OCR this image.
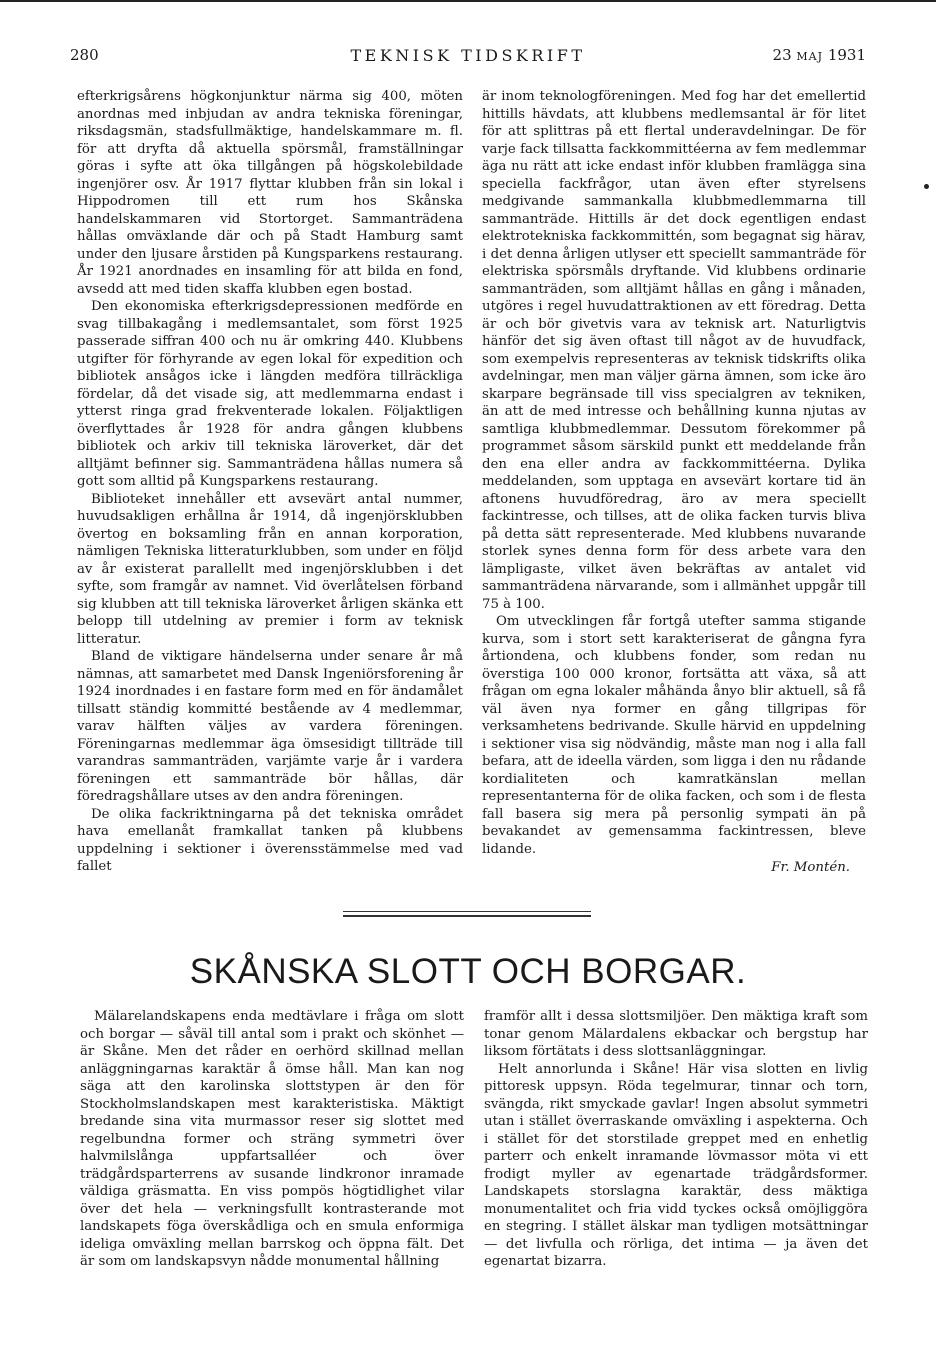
280	TEKNISK TIDSKRIFT	23 MAJ 1931

efterkrigsårens högkonjunktur närma sig 400, möten anordnas med inbjudan av andra tekniska föreningar, riksdagsmän, stadsfullmäktige, handelskammare m. fl. för att dryfta då aktuella spörsmål, framställningar göras i syfte att öka tillgången på högskolebildade ingenjörer osv. År 1917 flyttar klubben från sin lokal i Hippodromen till ett rum hos Skånska handelskammaren vid Stortorget. Sammanträdena hållas omväxlande där och på Stadt Hamburg samt under den ljusare årstiden på Kungsparkens restaurang. År 1921 anordnades en insamling för att bilda en fond, avsedd att med tiden skaffa klubben egen bostad.

Den ekonomiska efterkrigsdepressionen medförde en svag tillbakagång i medlemsantalet, som först 1925 passerade siffran 400 och nu är omkring 440. Klubbens utgifter för förhyrande av egen lokal för expedition och bibliotek ansågos icke i längden medföra tillräckliga fördelar, då det visade sig, att medlemmarna endast i ytterst ringa grad frekventerade lokalen. Följaktligen överflyttades år 1928 för andra gången klubbens bibliotek och arkiv till tekniska läroverket, där det alltjämt befinner sig. Sammanträdena hållas numera så gott som alltid på Kungsparkens restaurang.

Biblioteket innehåller ett avsevärt antal nummer, huvudsakligen erhållna år 1914, då ingenjörsklubben övertog en boksamling från en annan korporation, nämligen Tekniska litteraturklubben, som under en följd av år existerat parallellt med ingenjörsklubben i det syfte, som framgår av namnet. Vid överlåtelsen förband sig klubben att till tekniska läroverket årligen skänka ett belopp till utdelning av premier i form av teknisk litteratur.

Bland de viktigare händelserna under senare år må nämnas, att samarbetet med Dansk Ingeniörsforening år 1924 inordnades i en fastare form med en för ändamålet tillsatt ständig kommitté bestående av 4 medlemmar, varav hälften väljes av vardera föreningen. Föreningarnas medlemmar äga ömsesidigt tillträde till varandras sammanträden, varjämte varje år i vardera föreningen ett sammanträde bör hållas, där föredragshållare utses av den andra föreningen.

De olika fackriktningarna på det tekniska området hava emellanåt framkallat tanken på klubbens uppdelning i sektioner i överensstämmelse med vad fallet

är inom teknologföreningen. Med fog har det emellertid hittills hävdats, att klubbens medlemsantal är för litet för att splittras på ett flertal underavdelningar. De för varje fack tillsatta fackkommittéerna av fem medlemmar äga nu rätt att icke endast inför klubben framlägga sina speciella fackfrågor, utan även efter styrelsens medgivande sammankalla klubbmedlemmarna till sammanträde. Hittills är det dock egentligen endast elektrotekniska fackkommittén, som begagnat sig härav, i det denna årligen utlyser ett speciellt sammanträde för elektriska spörsmåls dryftande. Vid klubbens ordinarie sammanträden, som alltjämt hållas en gång i månaden, utgöres i regel huvudattraktionen av ett föredrag. Detta är och bör givetvis vara av teknisk art. Naturligtvis hänför det sig även oftast till något av de huvudfack, som exempelvis representeras av teknisk tidskrifts olika avdelningar, men man väljer gärna ämnen, som icke äro skarpare begränsade till viss specialgren av tekniken, än att de med intresse och behållning kunna njutas av samtliga klubbmedlemmar. Dessutom förekommer på programmet såsom särskild punkt ett meddelande från den ena eller andra av fackkommittéerna. Dylika meddelanden, som upptaga en avsevärt kortare tid än aftonens huvudföredrag, äro av mera speciellt fackintresse, och tillses, att de olika facken turvis bliva på detta sätt representerade. Med klubbens nuvarande storlek synes denna form för dess arbete vara den lämpligaste, vilket även bekräftas av antalet vid sammanträdena närvarande, som i allmänhet uppgår till 75 à 100.

Om utvecklingen får fortgå utefter samma stigande kurva, som i stort sett karakteriserat de gångna fyra årtiondena, och klubbens fonder, som redan nu överstiga 100 000 kronor, fortsätta att växa, så att frågan om egna lokaler måhända ånyo blir aktuell, så få väl även nya former en gång tillgripas för verksamhetens bedrivande. Skulle härvid en uppdelning i sektioner visa sig nödvändig, måste man nog i alla fall befara, att de ideella värden, som ligga i den nu rådande kordialiteten och kamratkänslan mellan representanterna för de olika facken, och som i de flesta fall basera sig mera på personlig sympati än på bevakandet av gemensamma fackintressen, bleve lidande.

Fr. Montén.
SKÅNSKA SLOTT OCH BORGAR.

Mälarelandskapens enda medtävlare i fråga om slott och borgar — såväl till antal som i prakt och skönhet — är Skåne. Men det råder en oerhörd skillnad mellan anläggningarnas karaktär å ömse håll. Man kan nog säga att den karolinska slottstypen är den för Stockholmslandskapen mest karakteristiska. Mäktigt bredande sina vita murmassor reser sig slottet med regelbundna former och sträng symmetri över halvmilslånga uppfartsalléer och över trädgårdsparterrens av susande lindkronor inramade väldiga gräsmatta. En viss pompös högtidlighet vilar över det hela — verkningsfullt kontrasterande mot landskapets föga överskådliga och en smula enformiga ideliga omväxling mellan barrskog och öppna fält. Det är som om landskapsvyn nådde monumental hållning

framför allt i dessa slottsmiljöer. Den mäktiga kraft som tonar genom Mälardalens ekbackar och bergstup har liksom förtätats i dess slottsanläggningar.

Helt annorlunda i Skåne! Här visa slotten en livlig pittoresk uppsyn. Röda tegelmurar, tinnar och torn, svängda, rikt smyckade gavlar! Ingen absolut symmetri utan i stället överraskande omväxling i aspekterna. Och i stället för det storstilade greppet med en enhetlig parterr och enkelt inramande lövmassor möta vi ett frodigt myller av egenartade trädgårdsformer. Landskapets storslagna karaktär, dess mäktiga monumentalitet och fria vidd tyckes också omöjliggöra en stegring. I stället älskar man tydligen motsättningar — det livfulla och rörliga, det intima — ja även det egenartat bizarra.
